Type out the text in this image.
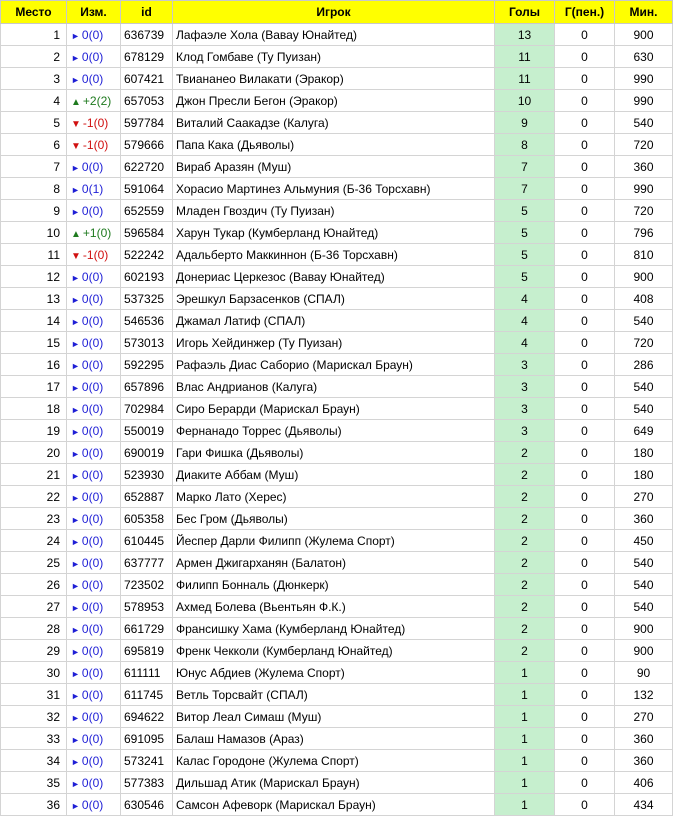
Место	Изм.	id	Игрок	Голы	Г(пен.)	Мин.
1	► 0(0)	636739	Лафаэле Хола (Вавау Юнайтед)	13	0	900
2	► 0(0)	678129	Клод Гомбаве (Ту Пуизан)	11	0	630
3	► 0(0)	607421	Твиананео Вилакати (Эракор)	11	0	990
4	▲ +2(2)	657053	Джон Пресли Бегон (Эракор)	10	0	990
5	▼ -1(0)	597784	Виталий Саакадзе (Калуга)	9	0	540
6	▼ -1(0)	579666	Папа Кака (Дьяволы)	8	0	720
7	► 0(0)	622720	Вираб Аразян (Муш)	7	0	360
8	► 0(1)	591064	Хорасио Мартинез Альмуния (Б-36 Торсхавн)	7	0	990
9	► 0(0)	652559	Младен Гвоздич (Ту Пуизан)	5	0	720
10	▲ +1(0)	596584	Харун Тукар (Кумберланд Юнайтед)	5	0	796
11	▼ -1(0)	522242	Адальберто Маккиннон (Б-36 Торсхавн)	5	0	810
12	► 0(0)	602193	Донериас Церкезос (Вавау Юнайтед)	5	0	900
13	► 0(0)	537325	Эрешкул Барзасенков (СПАЛ)	4	0	408
14	► 0(0)	546536	Джамал Латиф (СПАЛ)	4	0	540
15	► 0(0)	573013	Игорь Хейдинжер (Ту Пуизан)	4	0	720
16	► 0(0)	592295	Рафаэль Диас Саборио (Марискал Браун)	3	0	286
17	► 0(0)	657896	Влас Андрианов (Калуга)	3	0	540
18	► 0(0)	702984	Сиро Берарди (Марискал Браун)	3	0	540
19	► 0(0)	550019	Фернанадо Торрес (Дьяволы)	3	0	649
20	► 0(0)	690019	Гари Фишка (Дьяволы)	2	0	180
21	► 0(0)	523930	Диаките Аббам (Муш)	2	0	180
22	► 0(0)	652887	Марко Лато (Херес)	2	0	270
23	► 0(0)	605358	Бес Гром (Дьяволы)	2	0	360
24	► 0(0)	610445	Йеспер Дарли Филипп (Жулема Спорт)	2	0	450
25	► 0(0)	637777	Армен Джигарханян (Балатон)	2	0	540
26	► 0(0)	723502	Филипп Бонналь (Дюнкерк)	2	0	540
27	► 0(0)	578953	Ахмед Болева (Вьентьян Ф.К.)	2	0	540
28	► 0(0)	661729	Франсишку Хама (Кумберланд Юнайтед)	2	0	900
29	► 0(0)	695819	Френк Чекколи (Кумберланд Юнайтед)	2	0	900
30	► 0(0)	611111	Юнус Абдиев (Жулема Спорт)	1	0	90
31	► 0(0)	611745	Ветль Торсвайт (СПАЛ)	1	0	132
32	► 0(0)	694622	Витор Леал Симаш (Муш)	1	0	270
33	► 0(0)	691095	Балаш Намазов (Араз)	1	0	360
34	► 0(0)	573241	Калас Городоне (Жулема Спорт)	1	0	360
35	► 0(0)	577383	Дильшад Атик (Марискал Браун)	1	0	406
36	► 0(0)	630546	Самсон Афеворк (Марискал Браун)	1	0	434
